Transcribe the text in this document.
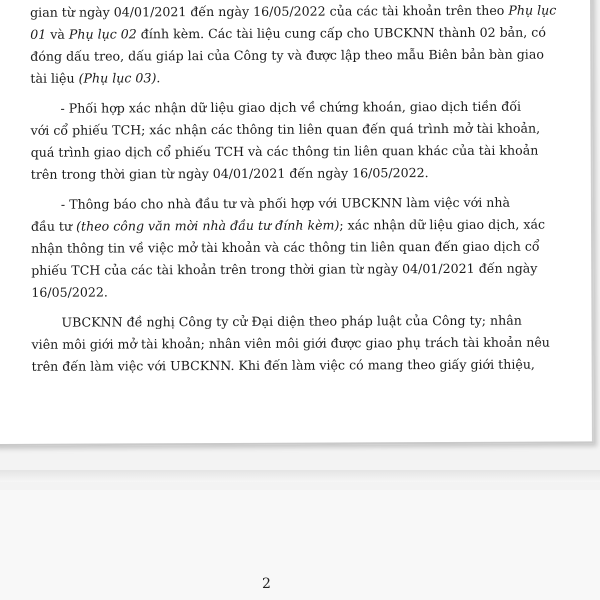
gian từ ngày 04/01/2021 đến ngày 16/05/2022 của các tài khoản trên theo Phụ lục
01 và Phụ lục 02 đính kèm. Các tài liệu cung cấp cho UBCKNN thành 02 bản, có
đóng dấu treo, dấu giáp lai của Công ty và được lập theo mẫu Biên bản bàn giao
tài liệu (Phụ lục 03).
- Phối hợp xác nhận dữ liệu giao dịch về chứng khoán, giao dịch tiền đối
với cổ phiếu TCH; xác nhận các thông tin liên quan đến quá trình mở tài khoản,
quá trình giao dịch cổ phiếu TCH và các thông tin liên quan khác của tài khoản
trên trong thời gian từ ngày 04/01/2021 đến ngày 16/05/2022.
- Thông báo cho nhà đầu tư và phối hợp với UBCKNN làm việc với nhà
đầu tư (theo công văn mời nhà đầu tư đính kèm); xác nhận dữ liệu giao dịch, xác
nhận thông tin về việc mở tài khoản và các thông tin liên quan đến giao dịch cổ
phiếu TCH của các tài khoản trên trong thời gian từ ngày 04/01/2021 đến ngày
16/05/2022.
UBCKNN đề nghị Công ty cử Đại diện theo pháp luật của Công ty; nhân
viên môi giới mở tài khoản; nhân viên môi giới được giao phụ trách tài khoản nêu
trên đến làm việc với UBCKNN. Khi đến làm việc có mang theo giấy giới thiệu,
2
